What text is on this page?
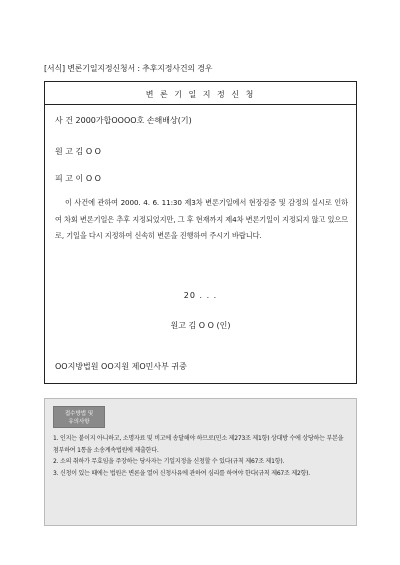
[서식] 변론기일지정신청서 : 추후지정사건의 경우
변 론 기 일 지 정 신 청
사 건 2000가합OOOO호 손해배상(기)
원 고 김 O O
피 고 이 O O
이 사건에 관하여 2000. 4. 6. 11:30 제3차 변론기일에서 현장검증 및 감정의 실시로 인하여 차회 변론기일은 추후 지정되었지만, 그 후 현재까지 제4차 변론기일이 지정되지 않고 있으므로, 기일을 다시 지정하여 신속히 변론을 진행하여 주시기 바랍니다.
20 . . .
원고 김 O O (인)
OO지방법원 OO지원 제O민사부 귀중
접수방법 및
유의사항

1. 인지는 붙이지 아니하고, 소명자료 및 비고에 송달해야 하므로(민소 제273조 제1항) 상대방 수에 상당하는 부본을 첨부하여 1통을 소송계속법원에 제출한다.

2. 소의 취하가 무효임을 주장하는 당사자는 기일지정을 신청할 수 있다(규칙 제67조 제1항).

3. 신청이 있는 때에는 법원은 변론을 열어 신청사유에 관하여 심리를 하여야 한다(규칙 제67조 제2항).
